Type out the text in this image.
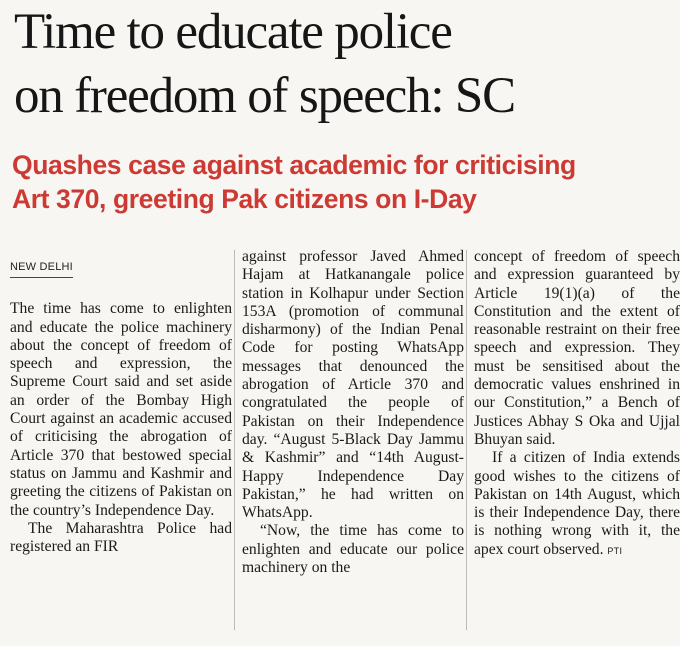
Time to educate police
on freedom of speech: SC
Quashes case against academic for criticising
Art 370, greeting Pak citizens on I-Day
NEW DELHI

The time has come to enlighten and educate the police machinery about the concept of freedom of speech and expression, the Supreme Court said and set aside an order of the Bombay High Court against an academic accused of criticising the abrogation of Article 370 that bestowed special status on Jammu and Kashmir and greeting the citizens of Pakistan on the country’s Independence Day.

The Maharashtra Police had registered an FIR

against professor Javed Ahmed Hajam at Hatkanangale police station in Kolhapur under Section 153A (promotion of communal disharmony) of the Indian Penal Code for posting WhatsApp messages that denounced the abrogation of Article 370 and congratulated the people of Pakistan on their Independence day. “August 5-Black Day Jammu & Kashmir” and “14th August-Happy Independence Day Pakistan,” he had written on WhatsApp.

“Now, the time has come to enlighten and educate our police machinery on the

concept of freedom of speech and expression guaranteed by Article 19(1)(a) of the Constitution and the extent of reasonable restraint on their free speech and expression. They must be sensitised about the democratic values enshrined in our Constitution,” a Bench of Justices Abhay S Oka and Ujjal Bhuyan said.

If a citizen of India extends good wishes to the citizens of Pakistan on 14th August, which is their Independence Day, there is nothing wrong with it, the apex court observed. PTI
